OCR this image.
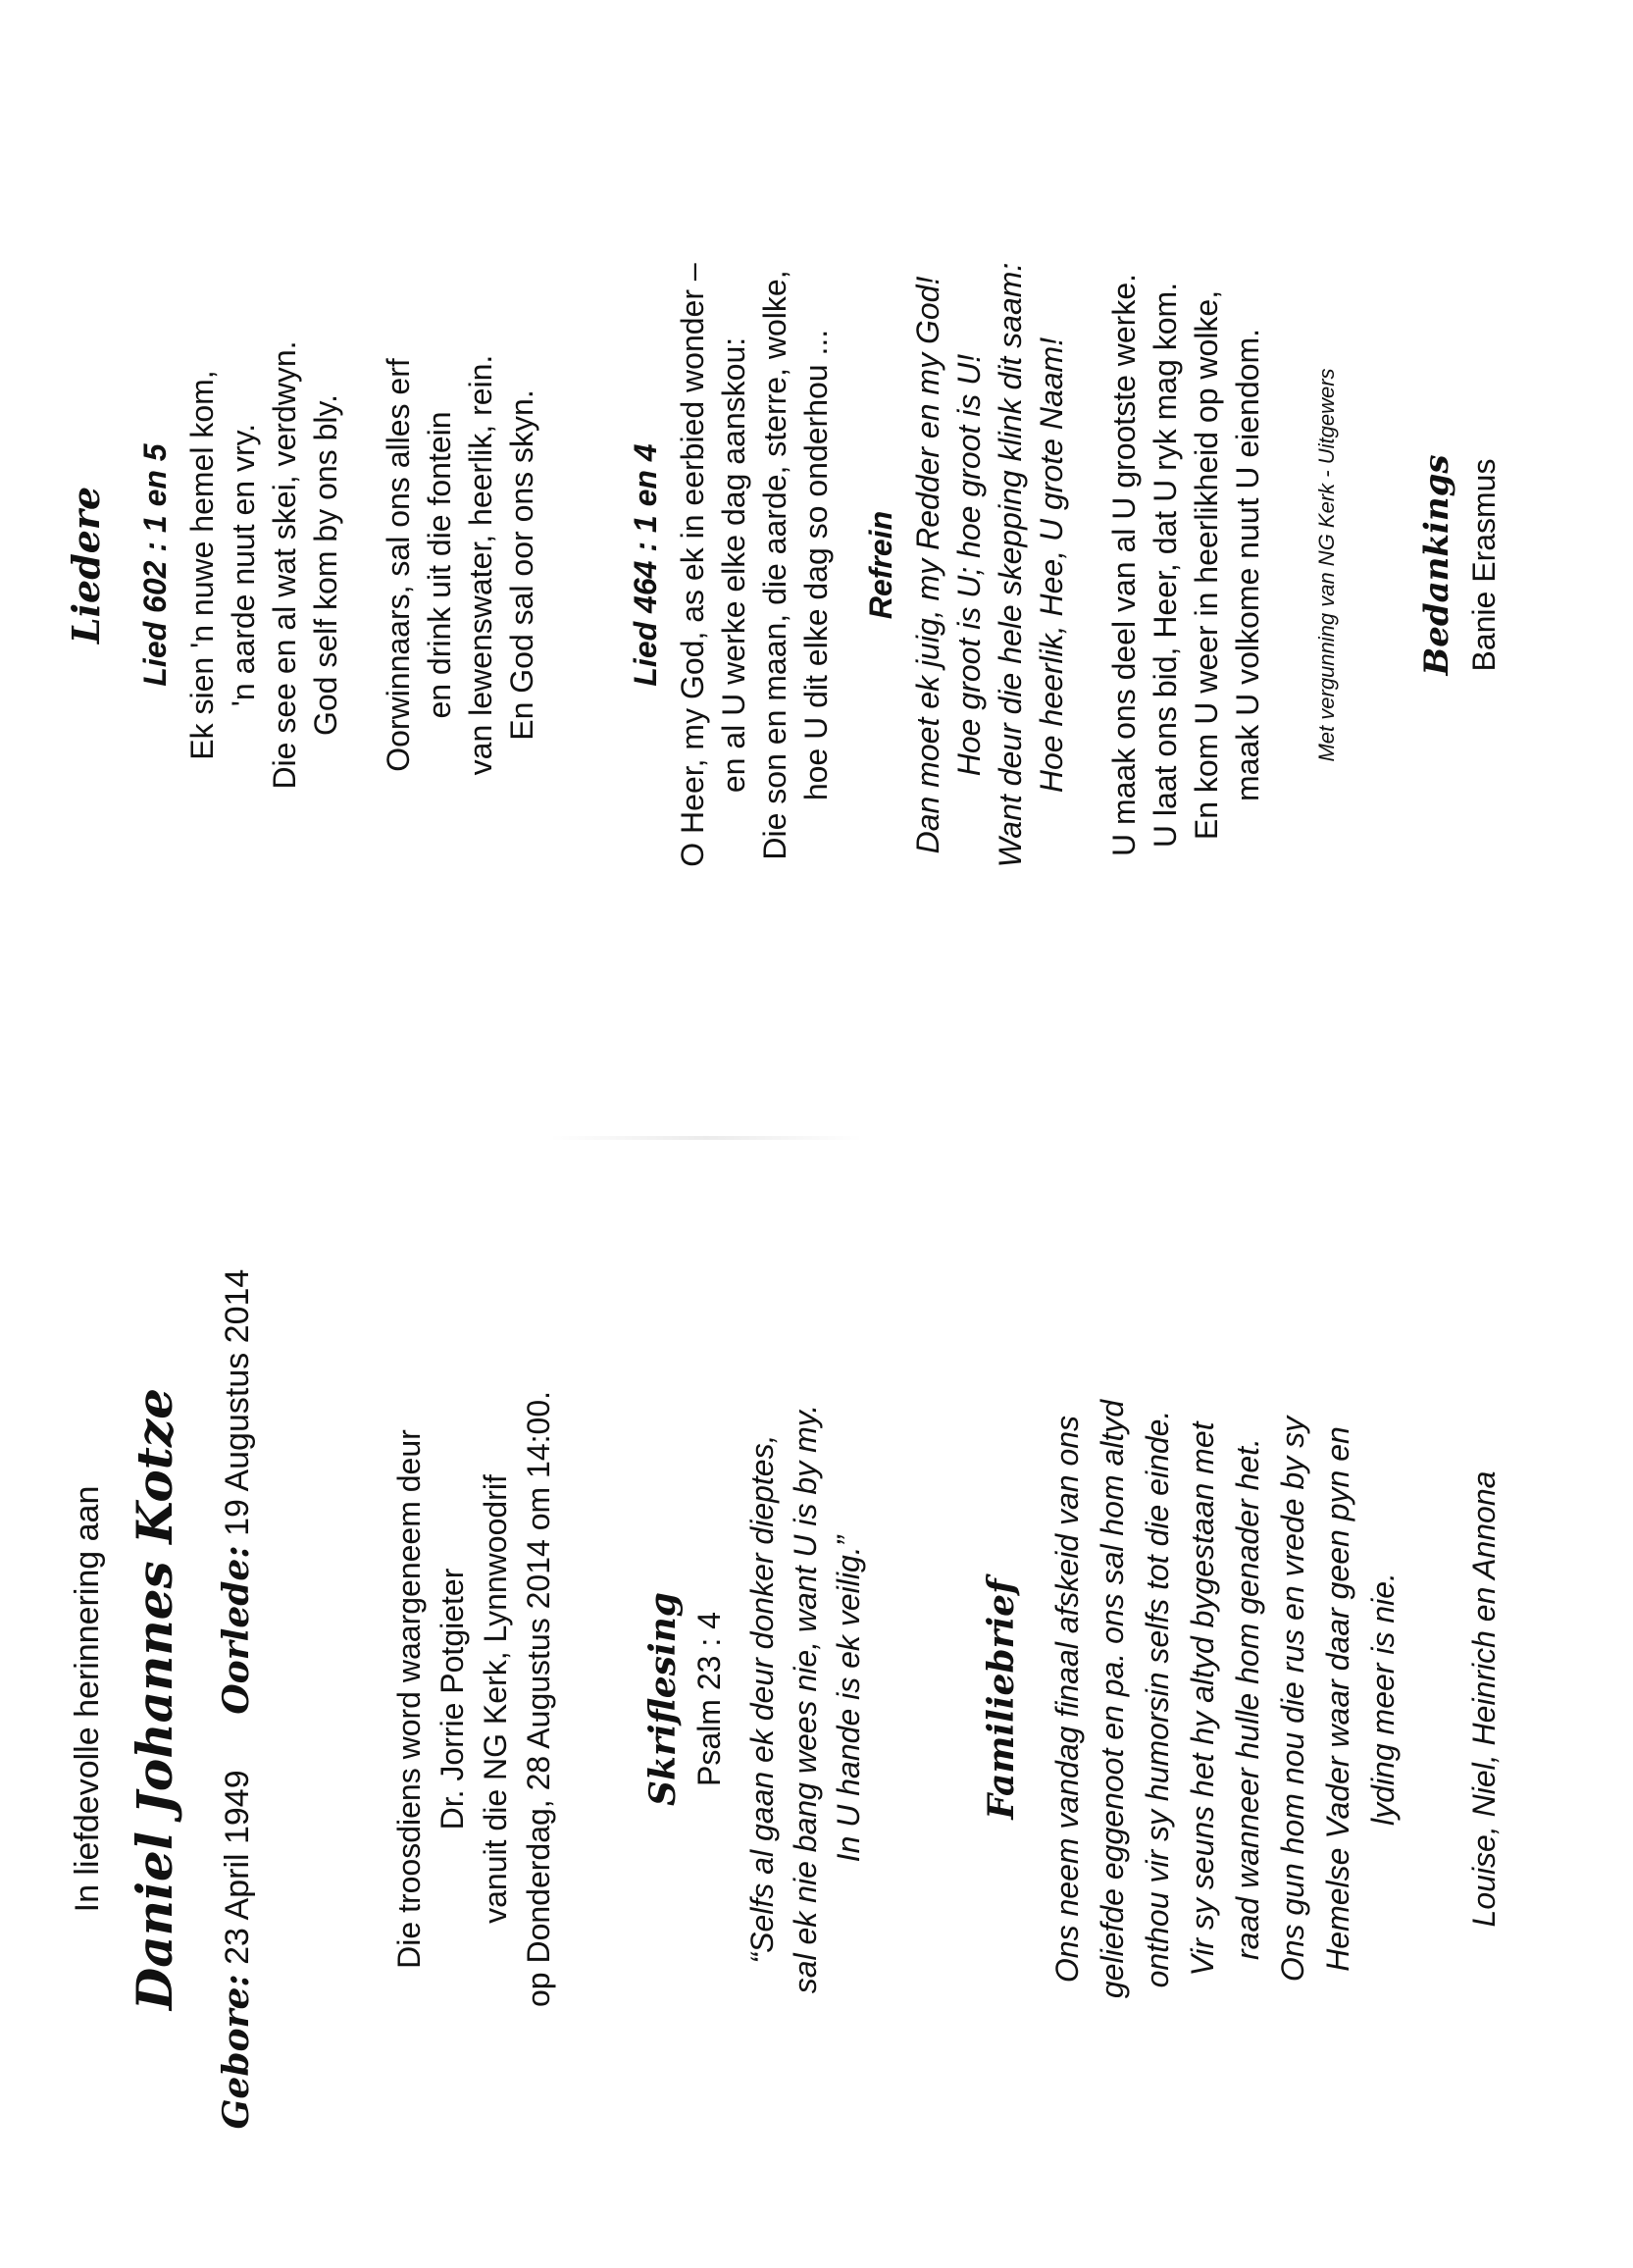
In liefdevolle herinnering aan Daniel Johannes Kotze

Gebore: 23 April 1949      Oorlede: 19 Augustus 2014

Die troosdiens word waargeneem deur Dr. Jorrie Potgieter vanuit die NG Kerk, Lynnwoodrif op Donderdag, 28 Augustus 2014 om 14:00. Skriflesing Psalm 23 : 4 “Selfs al gaan ek deur donker dieptes, sal ek nie bang wees nie, want U is by my. In U hande is ek veilig.”	Familiebrief Ons neem vandag finaal afskeid van ons geliefde eggenoot en pa. ons sal hom altyd onthou vir sy humorsin selfs tot die einde. Vir sy seuns het hy altyd bygestaan met raad wanneer hulle hom genader het. Ons gun hom nou die rus en vrede by sy Hemelse Vader waar daar geen pyn en lyding meer is nie. Louise, Niel, Heinrich en Annona

Liedere Lied 602 : 1 en 5 Ek sien 'n nuwe hemel kom, 'n aarde nuut en vry. Die see en al wat skei, verdwyn. God self kom by ons bly. Oorwinnaars, sal ons alles erf en drink uit die fontein van lewenswater, heerlik, rein. En God sal oor ons skyn.	Lied 464 : 1 en 4 O Heer, my God, as ek in eerbied wonder – en al U werke elke dag aanskou: Die son en maan, die aarde, sterre, wolke, hoe U dit elke dag so onderhou ... Refrein Dan moet ek juig, my Redder en my God! Hoe groot is U; hoe groot is U! Want deur die hele skepping klink dit saam: Hoe heerlik, Hee, U grote Naam! U maak ons deel van al U grootste werke. U laat ons bid, Heer, dat U ryk mag kom. En kom U weer in heerlikheid op wolke, maak U volkome nuut U eiendom. Met vergunning van NG Kerk - Uitgewers Bedankings Banie Erasmus
